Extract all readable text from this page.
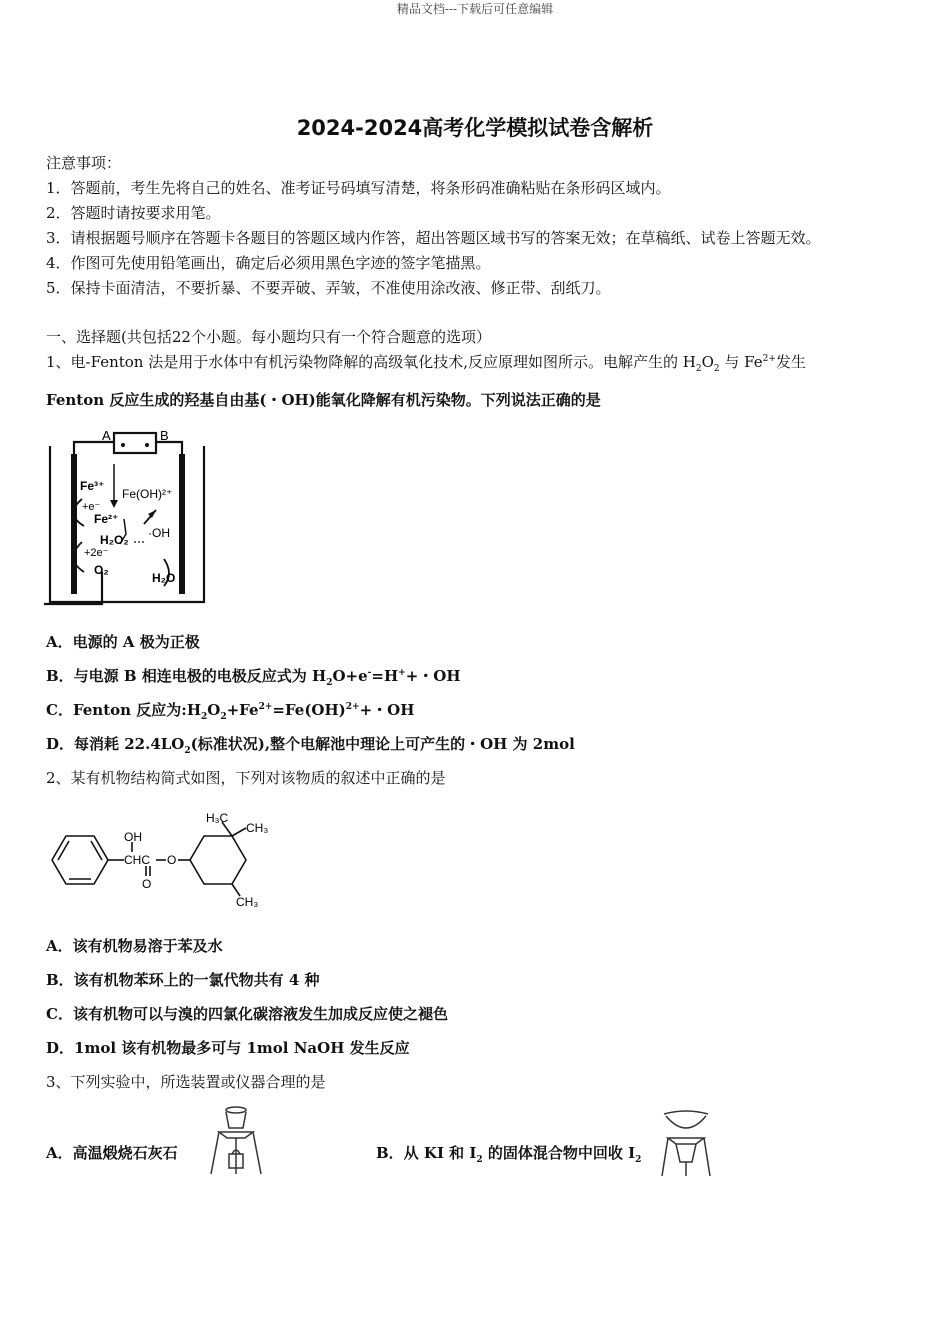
精品文档---下载后可任意编辑
2024-2024高考化学模拟试卷含解析
注意事项：
1．答题前，考生先将自己的姓名、准考证号码填写清楚，将条形码准确粘贴在条形码区域内。
2．答题时请按要求用笔。
3．请根据题号顺序在答题卡各题目的答题区域内作答，超出答题区域书写的答案无效；在草稿纸、试卷上答题无效。
4．作图可先使用铅笔画出，确定后必须用黑色字迹的签字笔描黑。
5．保持卡面清洁，不要折暴、不要弄破、弄皱，不准使用涂改液、修正带、刮纸刀。
一、选择题(共包括22个小题。每小题均只有一个符合题意的选项）
1、电-Fenton 法是用于水体中有机污染物降解的高级氧化技术,反应原理如图所示。电解产生的 $H_2O_2$ 与 $Fe^{2+}$发生
Fenton 反应生成的羟基自由基(・OH)能氧化降解有机污染物。下列说法正确的是
A	B
Fe³⁺
+e⁻
Fe²⁺
Fe(OH)²⁺
H₂O₂ ·OH
+2e⁻
O₂
H₂O
A．电源的 A 极为正极
B．与电源 B 相连电极的电极反应式为 $H_2O+e^-=H^++$・OH
C．Fenton 反应为$:H_2O_2+Fe^{2+}=Fe(OH)^{2+}+$・OH
D．每消耗 $22.4LO_2$(标准状况),整个电解池中理论上可产生的・OH 为 2mol
2、某有机物结构简式如图，下列对该物质的叙述中正确的是
OH
CHC
O
O
H₃C
CH₃
CH₃
A．该有机物易溶于苯及水
B．该有机物苯环上的一氯代物共有 4 种
C．该有机物可以与溴的四氯化碳溶液发生加成反应使之褪色
D．1mol 该有机物最多可与 1mol NaOH 发生反应
3、下列实验中，所选装置或仪器合理的是
A．高温煅烧石灰石	B．从 KI 和 $I_2$ 的固体混合物中回收 $I_2$
